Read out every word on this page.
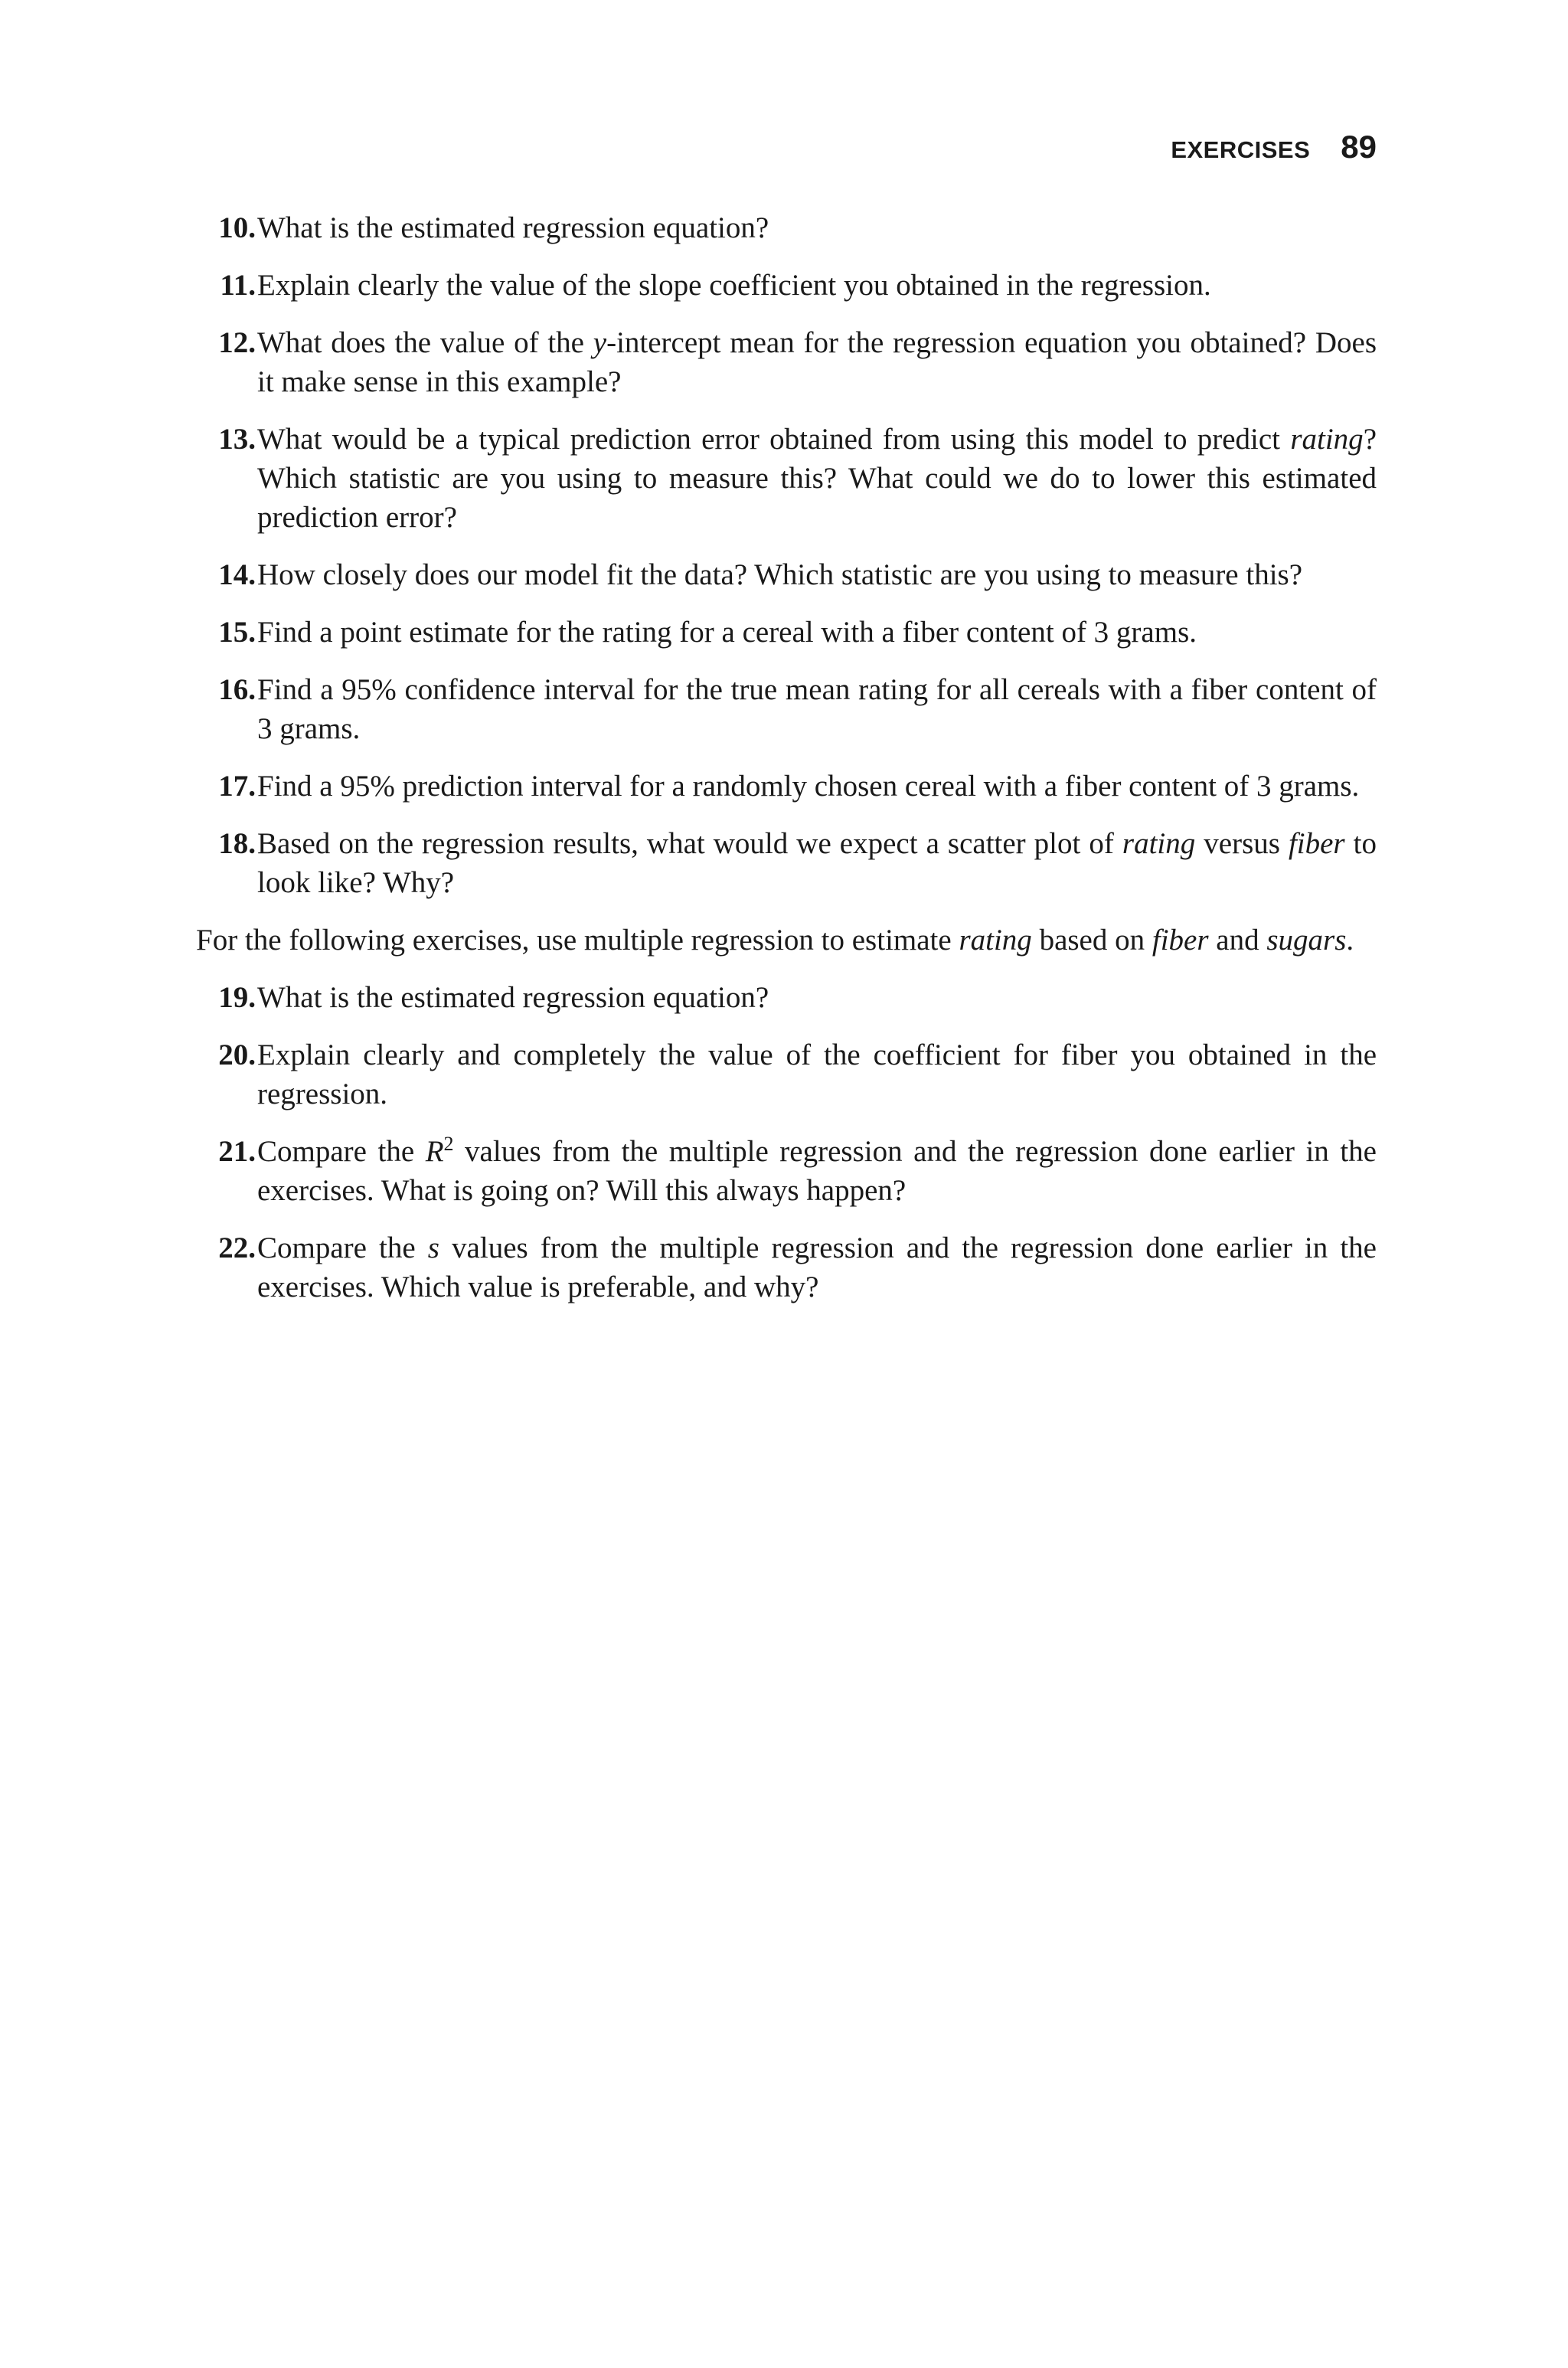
EXERCISES 89
10. What is the estimated regression equation?
11. Explain clearly the value of the slope coefficient you obtained in the regression.
12. What does the value of the y-intercept mean for the regression equation you obtained? Does it make sense in this example?
13. What would be a typical prediction error obtained from using this model to predict rating? Which statistic are you using to measure this? What could we do to lower this estimated prediction error?
14. How closely does our model fit the data? Which statistic are you using to measure this?
15. Find a point estimate for the rating for a cereal with a fiber content of 3 grams.
16. Find a 95% confidence interval for the true mean rating for all cereals with a fiber content of 3 grams.
17. Find a 95% prediction interval for a randomly chosen cereal with a fiber content of 3 grams.
18. Based on the regression results, what would we expect a scatter plot of rating versus fiber to look like? Why?

For the following exercises, use multiple regression to estimate rating based on fiber and sugars.

19. What is the estimated regression equation?
20. Explain clearly and completely the value of the coefficient for fiber you obtained in the regression.
21. Compare the $R^2$ values from the multiple regression and the regression done earlier in the exercises. What is going on? Will this always happen?
22. Compare the s values from the multiple regression and the regression done earlier in the exercises. Which value is preferable, and why?
